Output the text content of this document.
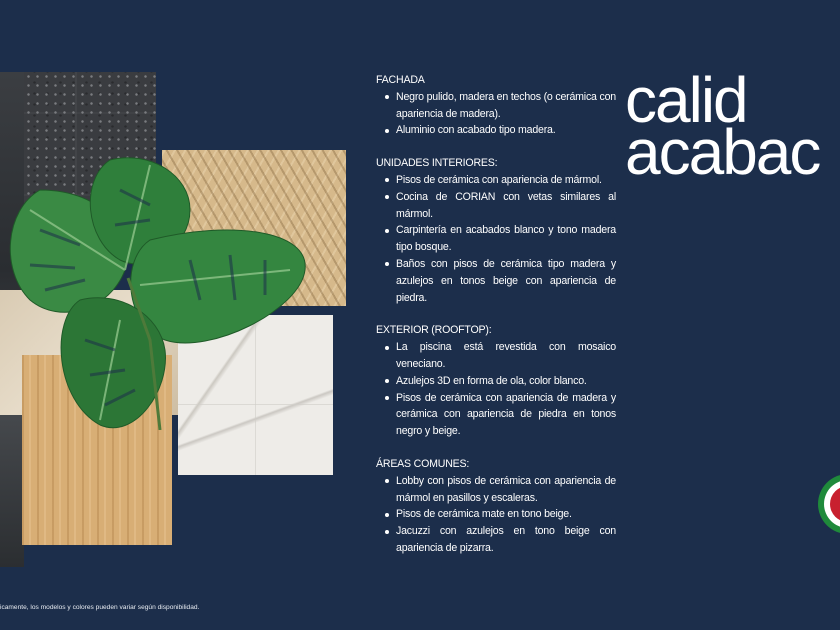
FACHADA

Negro pulido, madera en techos (o cerámica con apariencia de madera).
Aluminio con acabado tipo madera.

UNIDADES INTERIORES:

Pisos de cerámica con apariencia de mármol.
Cocina de CORIAN con vetas similares al mármol.
Carpintería en acabados blanco y tono madera tipo bosque.
Baños con pisos de cerámica tipo madera y azulejos en tonos beige con apariencia de piedra.

EXTERIOR (ROOFTOP):

La piscina está revestida con mosaico veneciano.
Azulejos 3D en forma de ola, color blanco.
Pisos de cerámica con apariencia de madera y cerámica con apariencia de piedra en tonos negro y beige.

ÁREAS COMUNES:

Lobby con pisos de cerámica con apariencia de mármol en pasillos y escaleras.
Pisos de cerámica mate en tono beige.
Jacuzzi con azulejos en tono beige con apariencia de pizarra.
calid
acabac

icamente, los modelos y colores pueden variar según disponibilidad.
